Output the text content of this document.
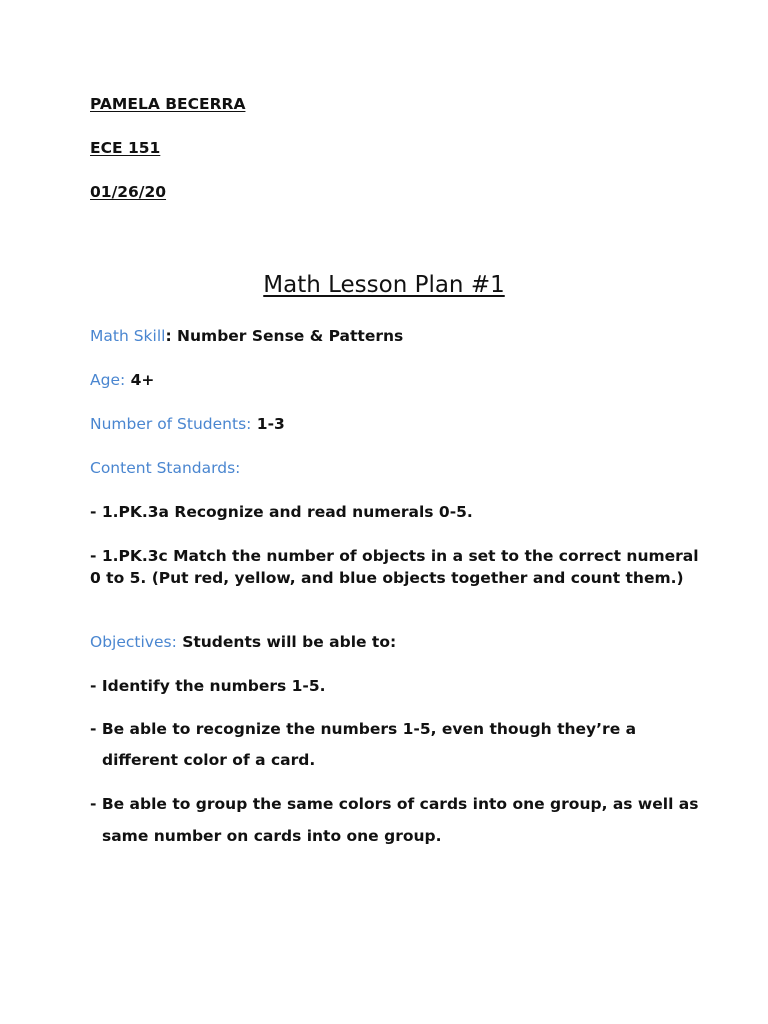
PAMELA BECERRA
ECE 151
01/26/20
Math Lesson Plan #1
Math Skill: Number Sense & Patterns
Age: 4+
Number of Students: 1-3
Content Standards:
- 1.PK.3a Recognize and read numerals 0-5.
- 1.PK.3c Match the number of objects in a set to the correct numeral
0 to 5. (Put red, yellow, and blue objects together and count them.)
Objectives: Students will be able to:
- Identify the numbers 1-5.
- Be able to recognize the numbers 1-5, even though they’re a
different color of a card.
- Be able to group the same colors of cards into one group, as well as
same number on cards into one group.
